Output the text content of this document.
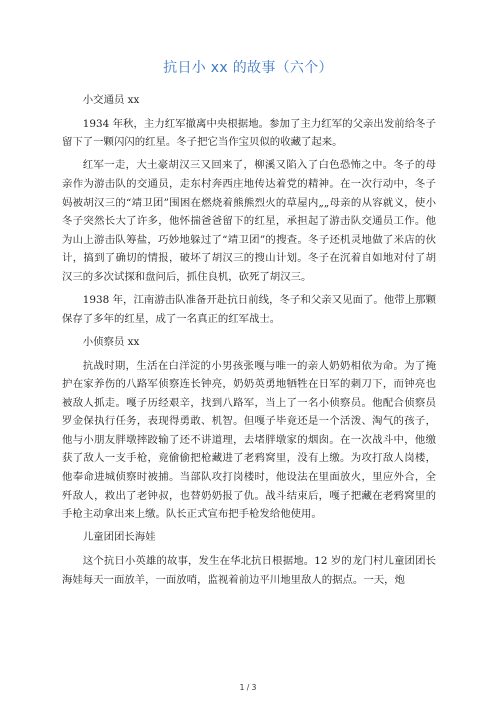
抗日小 xx 的故事（六个）

小交通员 xx

1934 年秋，主力红军撤离中央根据地。参加了主力红军的父亲出发前给冬子留下了一颗闪闪的红星。冬子把它当作宝贝似的收藏了起来。

红军一走，大土豪胡汉三又回来了，柳溪又陷入了白色恐怖之中。冬子的母亲作为游击队的交通员，走东村奔西庄地传达着党的精神。在一次行动中，冬子妈被胡汉三的“靖卫团”围困在燃烧着熊熊烈火的草屋内„„母亲的从容就义，使小冬子突然长大了许多，他怀揣爸爸留下的红星，承担起了游击队交通员工作。他为山上游击队筹盐，巧妙地躲过了“靖卫团”的搜查。冬子还机灵地做了米店的伙计，搞到了确切的情报，破坏了胡汉三的搜山计划。冬子在沉着自如地对付了胡汉三的多次试探和盘问后，抓住良机，砍死了胡汉三。

1938 年，江南游击队准备开赴抗日前线，冬子和父亲又见面了。他带上那颗保存了多年的红星，成了一名真正的红军战士。

小侦察员 xx

抗战时期，生活在白洋淀的小男孩张嘎与唯一的亲人奶奶相依为命。为了掩护在家养伤的八路军侦察连长钟亮，奶奶英勇地牺牲在日军的刺刀下，而钟亮也被敌人抓走。嘎子历经艰辛，找到八路军，当上了一名小侦察员。他配合侦察员罗金保执行任务，表现得勇敢、机智。但嘎子毕竟还是一个活泼、淘气的孩子，他与小朋友胖墩摔跤输了还不讲道理，去堵胖墩家的烟囱。在一次战斗中，他缴获了敌人一支手枪，竟偷偷把枪藏进了老鸦窝里，没有上缴。为攻打敌人岗楼，他奉命进城侦察时被捕。当部队攻打岗楼时，他设法在里面放火，里应外合，全歼敌人，救出了老钟叔，也替奶奶报了仇。战斗结束后，嘎子把藏在老鸦窝里的手枪主动拿出来上缴。队长正式宣布把手枪发给他使用。

儿童团团长海娃

这个抗日小英雄的故事，发生在华北抗日根据地。12 岁的龙门村儿童团团长海娃每天一面放羊，一面放哨，监视着前边平川地里敌人的据点。一天，炮

1 / 3
